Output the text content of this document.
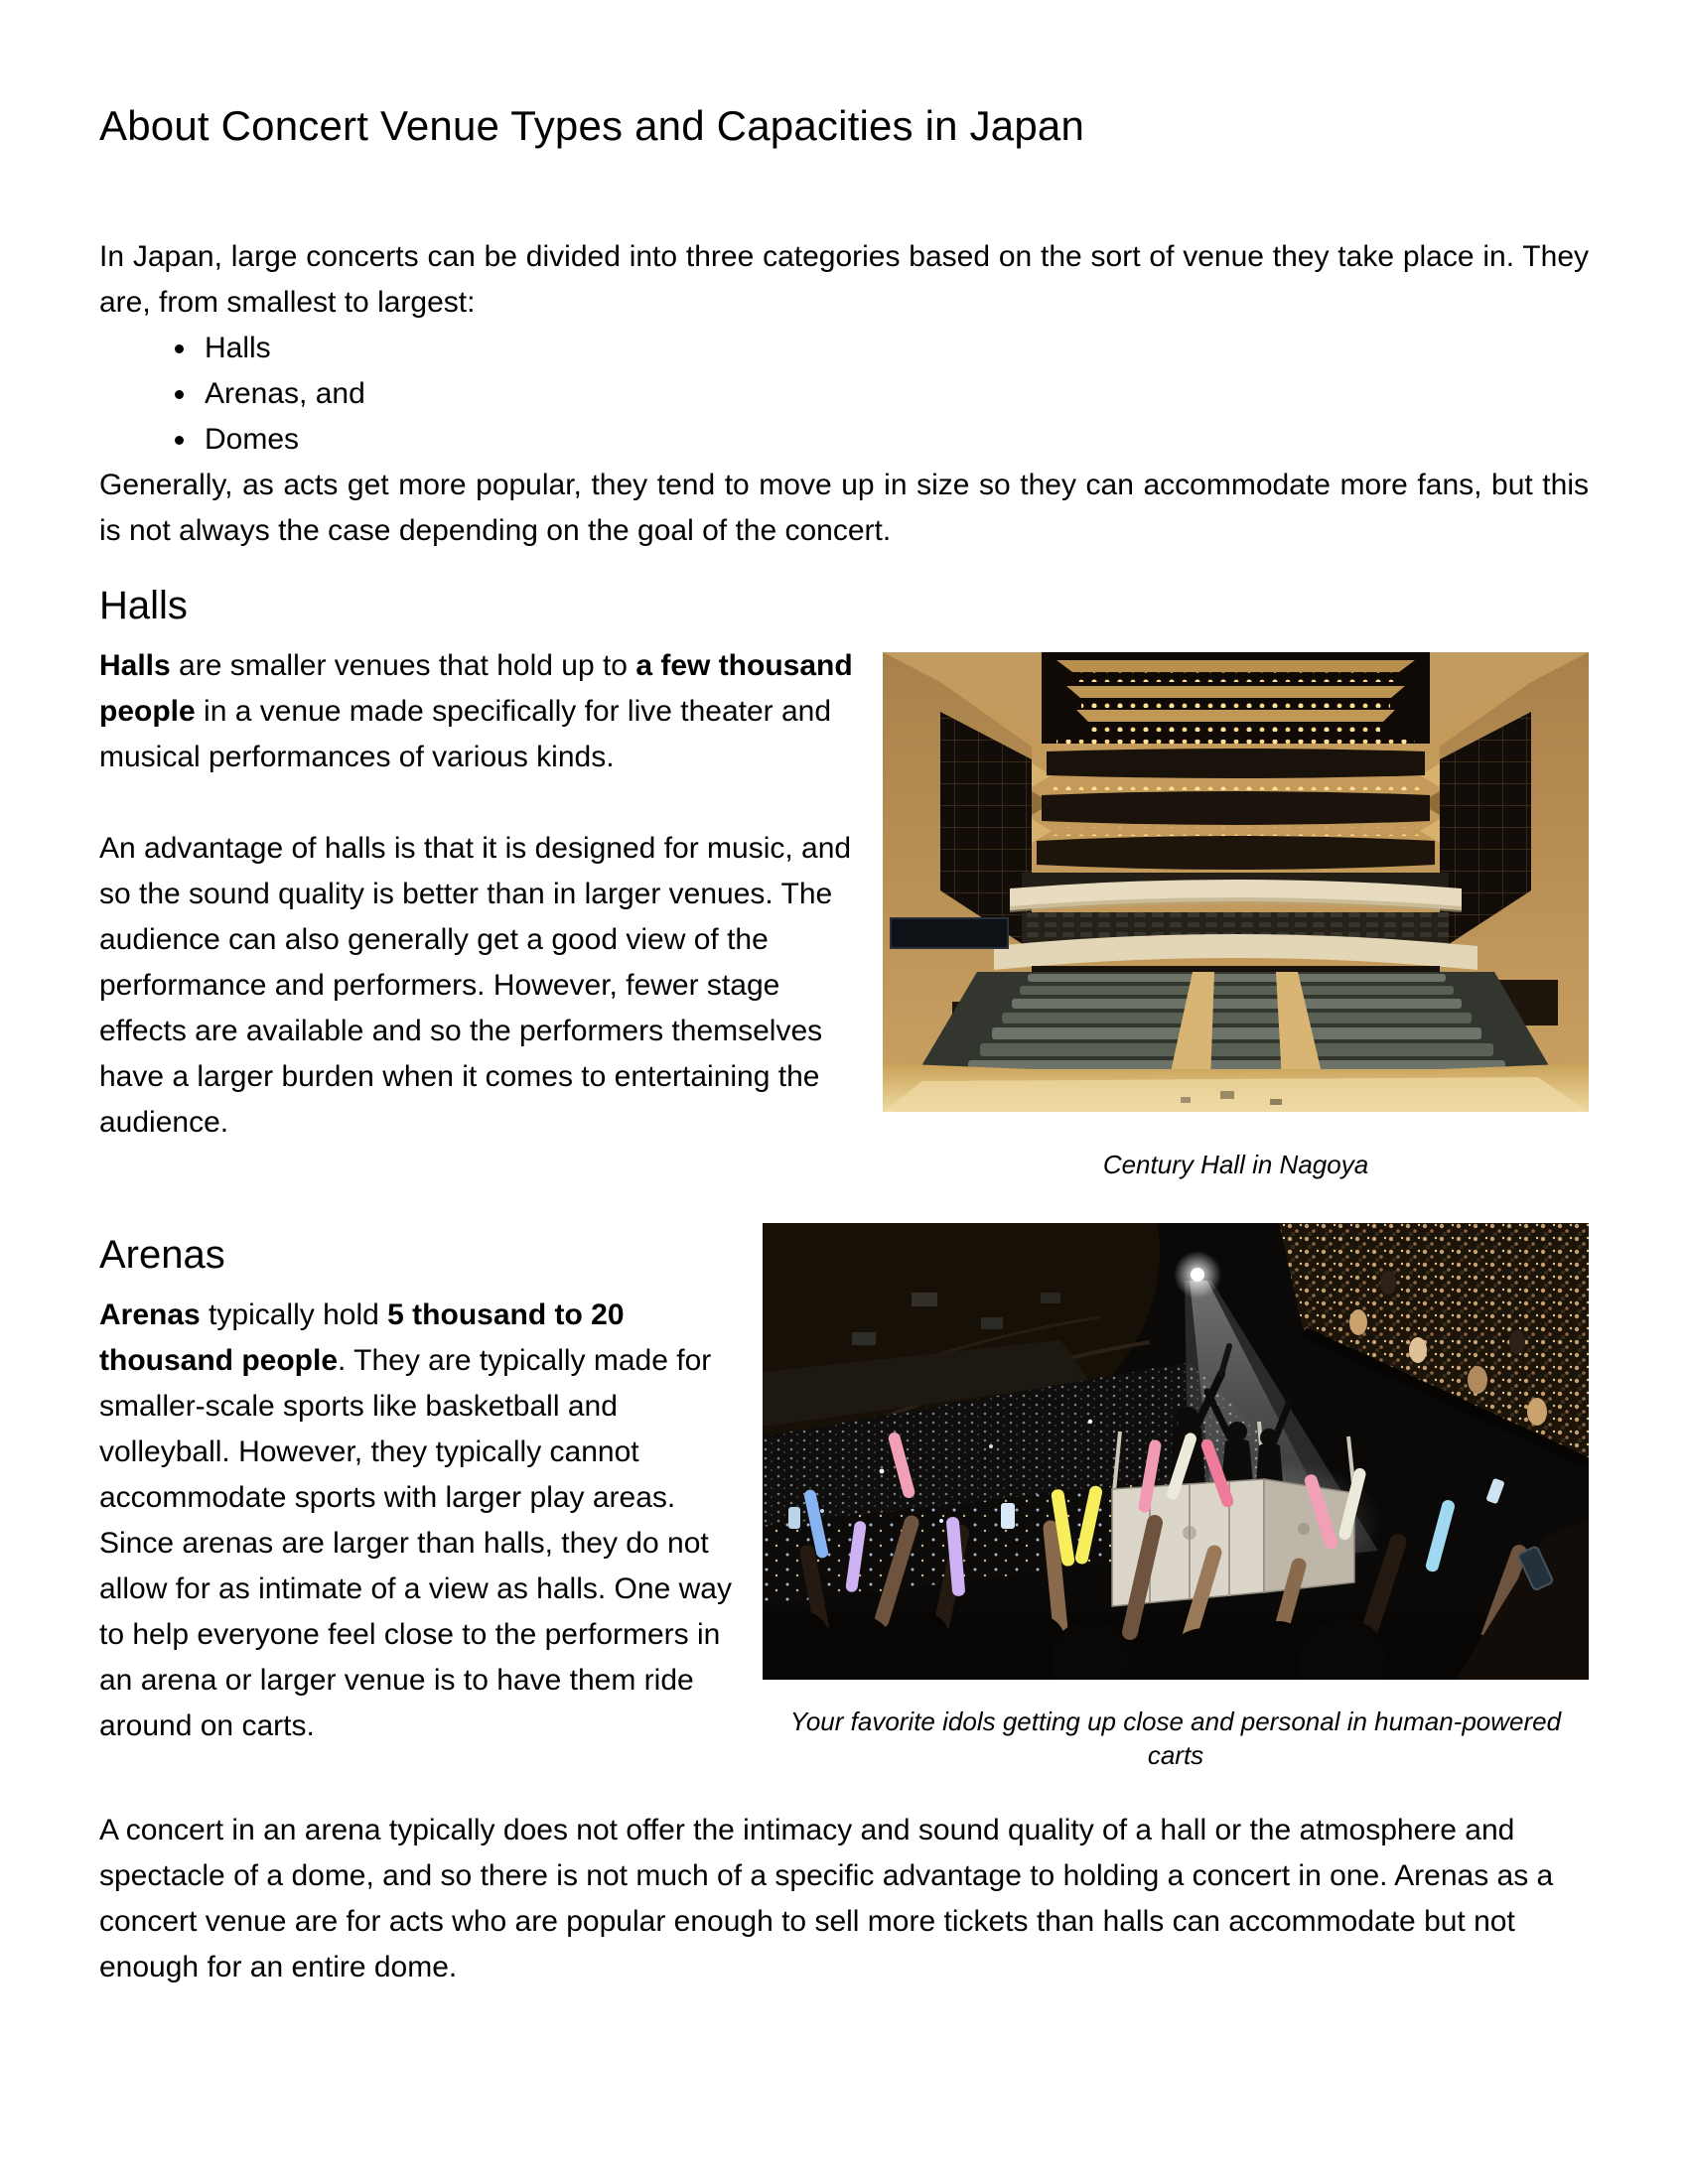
About Concert Venue Types and Capacities in Japan

In Japan, large concerts can be divided into three categories based on the sort of venue they take place in. They are, from smallest to largest:

• Halls
• Arenas, and
• Domes

Generally, as acts get more popular, they tend to move up in size so they can accommodate more fans, but this is not always the case depending on the goal of the concert.

Halls

Halls are smaller venues that hold up to a few thousand people in a venue made specifically for live theater and musical performances of various kinds.

An advantage of halls is that it is designed for music, and so the sound quality is better than in larger venues. The audience can also generally get a good view of the performance and performers. However, fewer stage effects are available and so the performers themselves have a larger burden when it comes to entertaining the audience.

Century Hall in Nagoya
Arenas

Arenas typically hold 5 thousand to 20 thousand people. They are typically made for smaller-scale sports like basketball and volleyball. However, they typically cannot accommodate sports with larger play areas. Since arenas are larger than halls, they do not allow for as intimate of a view as halls. One way to help everyone feel close to the performers in an arena or larger venue is to have them ride around on carts.	Your favorite idols getting up close and personal in human-powered carts

A concert in an arena typically does not offer the intimacy and sound quality of a hall or the atmosphere and spectacle of a dome, and so there is not much of a specific advantage to holding a concert in one. Arenas as a concert venue are for acts who are popular enough to sell more tickets than halls can accommodate but not enough for an entire dome.
